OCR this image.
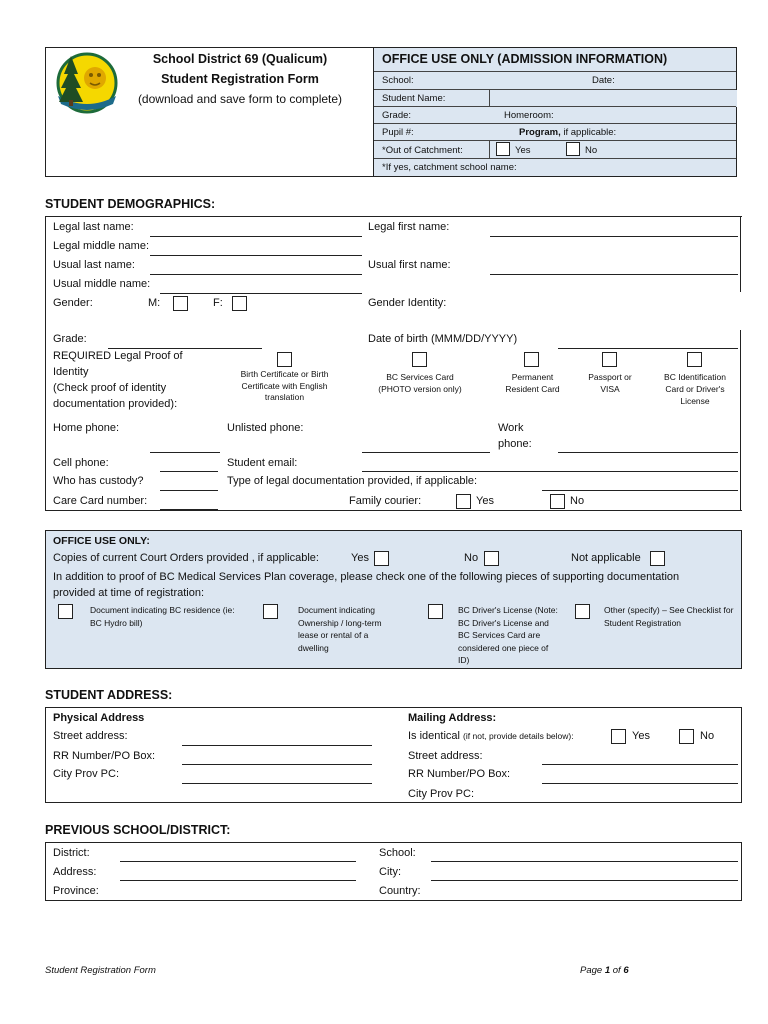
School District 69 (Qualicum)
Student Registration Form
(download and save form to complete)
OFFICE USE ONLY (ADMISSION INFORMATION)
School:	Date:
Student Name:
Grade:	Homeroom:
Pupil #:	Program, if applicable:
*Out of Catchment:	Yes	No
*If yes, catchment school name:
STUDENT DEMOGRAPHICS:
Legal last name:	Legal first name:
Legal middle name:
Usual last name:	Usual first name:
Usual middle name:
Gender:	M:	F:	Gender Identity:
Grade:	Date of birth (MMM/DD/YYYY)
REQUIRED Legal Proof of
Identity
(Check proof of identity
documentation provided):
Birth Certificate or Birth Certificate with English translation
BC Services Card (PHOTO version only)
Permanent Resident Card
Passport or VISA
BC Identification Card or Driver's License
Home phone:	Unlisted phone:	Work
phone:
Cell phone:	Student email:
Who has custody?	Type of legal documentation provided, if applicable:
Care Card number:	Family courier:	Yes	No
OFFICE USE ONLY:
Copies of current Court Orders provided , if applicable:	Yes	No	Not applicable
In addition to proof of BC Medical Services Plan coverage, please check one of the following pieces of supporting documentation
provided at time of registration:
Document indicating BC residence (ie: BC Hydro bill)
Document indicating Ownership / long-term lease or rental of a dwelling
BC Driver's License (Note: BC Driver's License and BC Services Card are considered one piece of ID)
Other (specify) – See Checklist for Student Registration
STUDENT ADDRESS:
Physical Address
Street address:
RR Number/PO Box:
City Prov PC:
Mailing Address:
Is identical (if not, provide details below):	Yes	No
Street address:
RR Number/PO Box:
City Prov PC:
PREVIOUS SCHOOL/DISTRICT:
District:	School:
Address:	City:
Province:	Country:
Student Registration Form	Page 1 of 6
